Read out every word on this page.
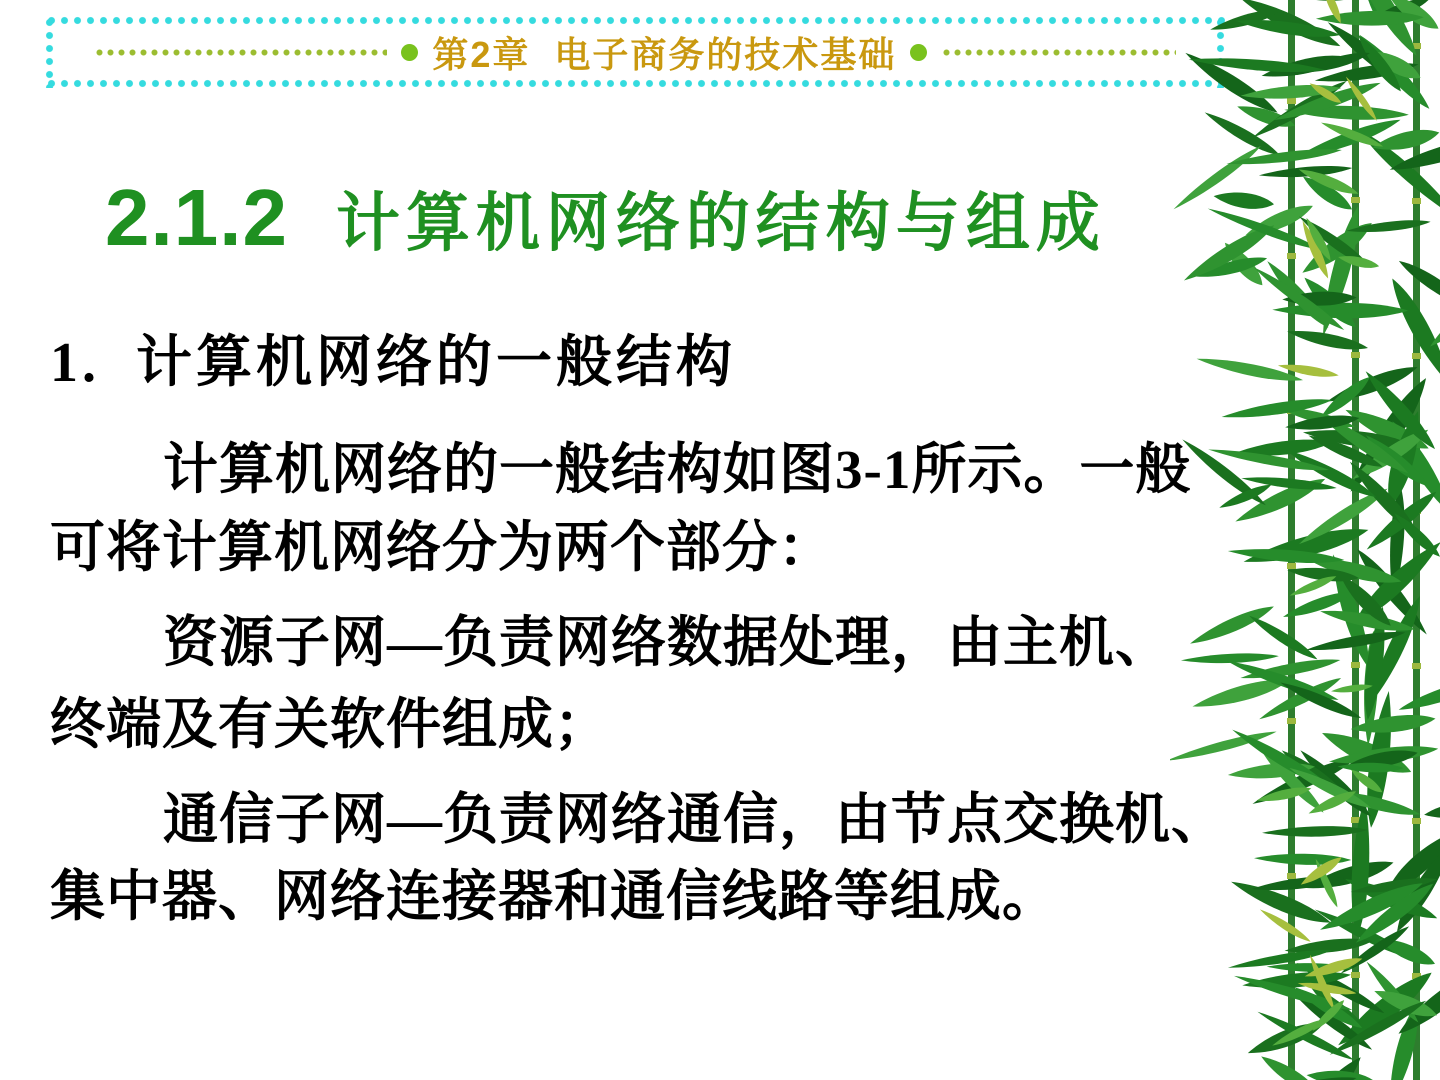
第2章  电子商务的技术基础
2.1.2 计算机网络的结构与组成
1.  计算机网络的一般结构
计算机网络的一般结构如图3-1所示。一般
可将计算机网络分为两个部分：
资源子网—负责网络数据处理，由主机、
终端及有关软件组成；
通信子网—负责网络通信，由节点交换机、
集中器、网络连接器和通信线路等组成。
